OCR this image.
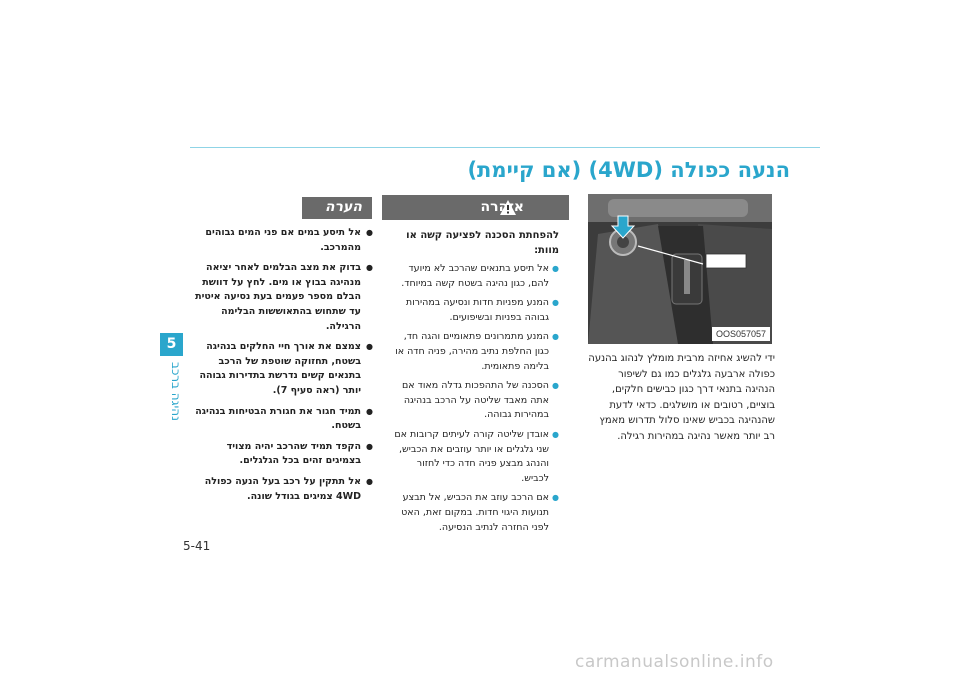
הנעה כפולה (4WD) (אם קיימת)
5
נהיגה ברכב
5-41
OOS057057
ידי להשיג אחיזה מרבית מומלץ לנהוג בהנעה כפולה ארבעה גלגלים כמו גם לשיפור הנהיגה בתנאי דרך כגון כבישים חלקים, בוציים, רטובים או מושלגים. כדאי לדעת שהנהיגה בכביש שאינו סלול תדרוש מאמץ רב יותר מאשר נהיגה במהירות רגילה.
אזהרה
להפחתת הסכנה לפציעה קשה או מוות:
● אל תיסע בתנאים שהרכב לא מיועד להם, כגון נהיגה בשטח קשה במיוחד.
● המנע מפניות חדות ונסיעה במהירות גבוהה בפניות ובשיפועים.
● המנע מתמרונים פתאומיים והגה חד, כגון החלפת נתיב מהירה, פניה חדה או בלימה פתאומית.
● הסכנה של התהפכות גדלה מאוד אם אתה מאבד שליטה על הרכב בנהיגה במהירות גבוהה.
● אובדן שליטה קורה לעיתים קרובות אם שני גלגלים או יותר עוזבים את הכביש, והנהג מבצע פניה חדה כדי לחזור לכביש.
● אם הרכב עוזב את הכביש, אל תבצע תנועות היגוי חדות. במקום זאת, האט לפני החזרה לנתיב הנסיעה.
הערה
● אל תיסע במים אם פני המים גבוהים מהמרכב.
● בדוק את מצב הבלמים לאחר יציאה מנהיגה בבוץ או מים. לחץ על דוושת הבלם מספר פעמים בעת נסיעה איטית עד שתחוש בהתאוששות הבלימה הרגילה.
● צמצם את אורך חיי החלקים בנהיגה בשטח, תחזוקה שוטפת של הרכב בתנאים קשים נדרשת בתדירות גבוהה יותר (ראה סעיף 7).
● תמיד חגור את חגורת הבטיחות בנהיגה בשטח.
● הקפד תמיד שהרכב יהיה מצויד בצמיגים זהים בכל הגלגלים.
● אל תתקין על רכב בעל הנעה כפולה 4WD צמיגים בגודל שונה.
carmanualsonline.info
